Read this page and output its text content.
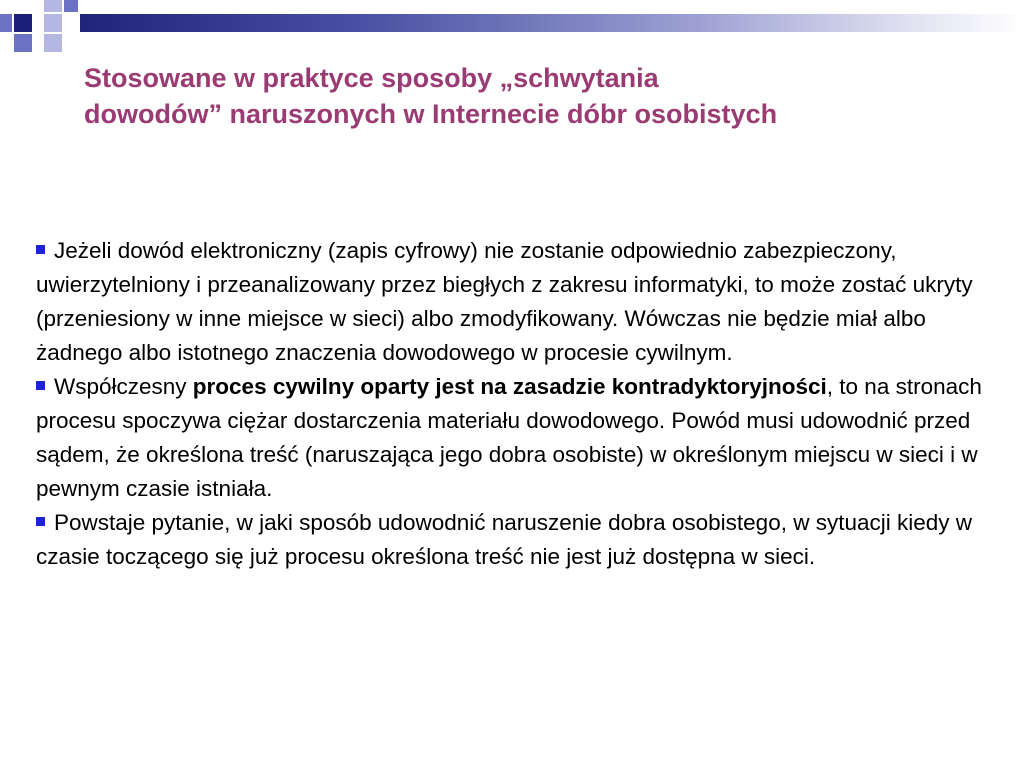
Stosowane w praktyce sposoby „schwytania
dowodów” naruszonych w Internecie dóbr osobistych

Jeżeli dowód elektroniczny (zapis cyfrowy) nie zostanie odpowiednio zabezpieczony, uwierzytelniony i przeanalizowany przez biegłych z zakresu informatyki, to może zostać ukryty (przeniesiony w inne miejsce w sieci) albo zmodyfikowany. Wówczas nie będzie miał albo żadnego albo istotnego znaczenia dowodowego w procesie cywilnym.

Współczesny proces cywilny oparty jest na zasadzie kontradyktoryjności, to na stronach procesu spoczywa ciężar dostarczenia materiału dowodowego. Powód musi udowodnić przed sądem, że określona treść (naruszająca jego dobra osobiste) w określonym miejscu w sieci i w pewnym czasie istniała.

Powstaje pytanie, w jaki sposób udowodnić naruszenie dobra osobistego, w sytuacji kiedy w czasie toczącego się już procesu określona treść nie jest już dostępna w sieci.
